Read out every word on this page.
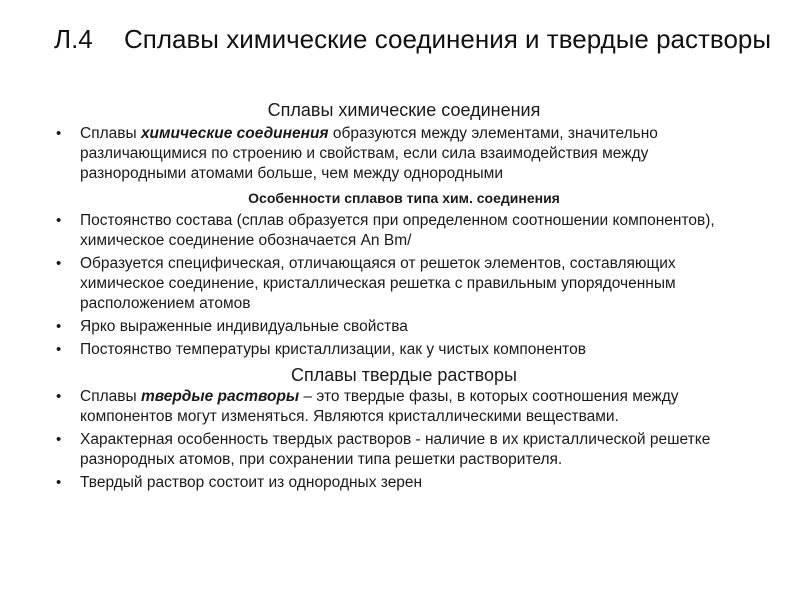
Л.4 Сплавы химические соединения и твердые растворы
Сплавы химические соединения
• Сплавы химические соединения образуются между элементами, значительно различающимися по строению и свойствам, если сила взаимодействия между разнородными атомами больше, чем между однородными
Особенности сплавов типа хим. соединения
• Постоянство состава (сплав образуется при определенном соотношении компонентов), химическое соединение обозначается An Bm/
• Образуется специфическая, отличающаяся от решеток элементов, составляющих химическое соединение, кристаллическая решетка с правильным упорядоченным расположением атомов
• Ярко выраженные индивидуальные свойства
• Постоянство температуры кристаллизации, как у чистых компонентов
Сплавы твердые растворы
• Сплавы твердые растворы – это твердые фазы, в которых соотношения между компонентов могут изменяться. Являются кристаллическими веществами.
• Характерная особенность твердых растворов - наличие в их кристаллической решетке разнородных атомов, при сохранении типа решетки растворителя.
• Твердый раствор состоит из однородных зерен
